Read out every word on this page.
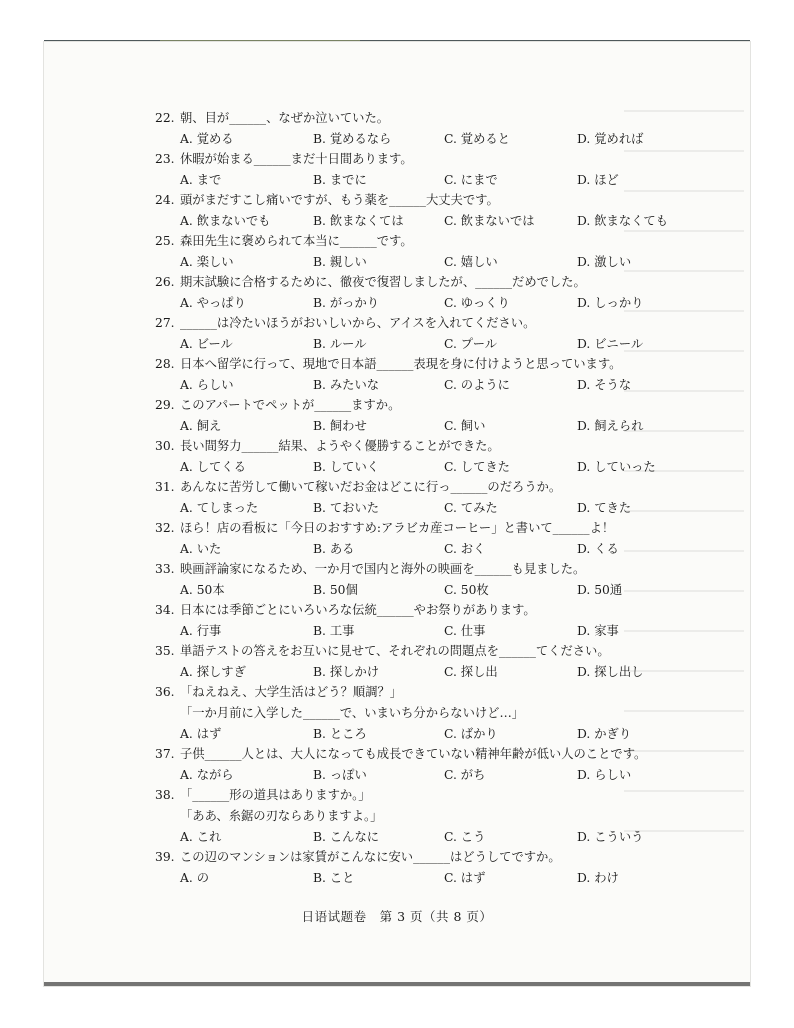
22. 朝、目が______、なぜか泣いていた。
A. 覚める	B. 覚めるなら	C. 覚めると	D. 覚めれば
23. 休暇が始まる______まだ十日間あります。
A. まで	B. までに	C. にまで	D. ほど
24. 頭がまだすこし痛いですが、もう薬を______大丈夫です。
A. 飲まないでも	B. 飲まなくては	C. 飲まないでは	D. 飲まなくても
25. 森田先生に褒められて本当に______です。
A. 楽しい	B. 親しい	C. 嬉しい	D. 激しい
26. 期末試験に合格するために、徹夜で復習しましたが、______だめでした。
A. やっぱり	B. がっかり	C. ゆっくり	D. しっかり
27. ______は冷たいほうがおいしいから、アイスを入れてください。
A. ビール	B. ルール	C. プール	D. ビニール
28. 日本へ留学に行って、現地で日本語______表現を身に付けようと思っています。
A. らしい	B. みたいな	C. のように	D. そうな
29. このアパートでペットが______ますか。
A. 飼え	B. 飼わせ	C. 飼い	D. 飼えられ
30. 長い間努力______結果、ようやく優勝することができた。
A. してくる	B. していく	C. してきた	D. していった
31. あんなに苦労して働いて稼いだお金はどこに行っ______のだろうか。
A. てしまった	B. ておいた	C. てみた	D. てきた
32. ほら！店の看板に「今日のおすすめ:アラビカ産コーヒー」と書いて______よ！
A. いた	B. ある	C. おく	D. くる
33. 映画評論家になるため、一か月で国内と海外の映画を______も見ました。
A. 50本	B. 50個	C. 50枚	D. 50通
34. 日本には季節ごとにいろいろな伝統______やお祭りがあります。
A. 行事	B. 工事	C. 仕事	D. 家事
35. 単語テストの答えをお互いに見せて、それぞれの問題点を______てください。
A. 探しすぎ	B. 探しかけ	C. 探し出	D. 探し出し
36. 「ねえねえ、大学生活はどう？順調？」
「一か月前に入学した______で、いまいち分からないけど…」
A. はず	B. ところ	C. ばかり	D. かぎり
37. 子供______人とは、大人になっても成長できていない精神年齢が低い人のことです。
A. ながら	B. っぽい	C. がち	D. らしい
38. 「______形の道具はありますか。」
「ああ、糸鋸の刃ならありますよ。」
A. これ	B. こんなに	C. こう	D. こういう
39. この辺のマンションは家賃がこんなに安い______はどうしてですか。
A. の	B. こと	C. はず	D. わけ
日语试题卷　第 3 页（共 8 页）
